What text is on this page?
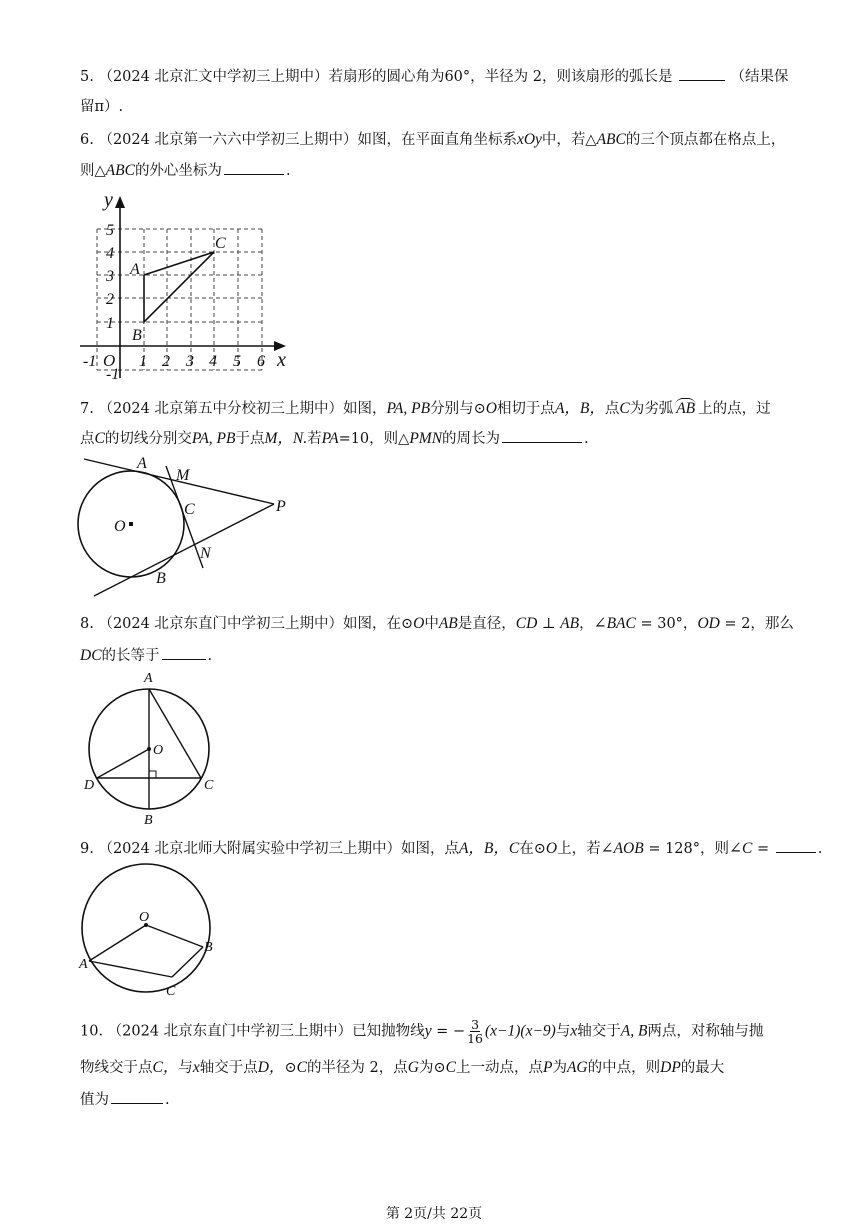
5. （2024 北京汇文中学初三上期中）若扇形的圆心角为60°，半径为 2，则该扇形的弧长是	（结果保
留π）.
6. （2024 北京第一六六中学初三上期中）如图，在平面直角坐标系xOy中，若△ABC的三个顶点都在格点上，
则△ABC的外心坐标为	.
y
x
O
-1	1 2 3 4 5 6
1
2
3
4
5
-1
A
B
C
7. （2024 北京第五中分校初三上期中）如图，PA, PB分别与⊙O相切于点A，B，点C为劣弧 AB 上的点，过
点C的切线分别交PA, PB于点M，N.若PA=10，则△PMN的周长为	.
A
M
C	P
O
N
B
8. （2024 北京东直门中学初三上期中）如图，在⊙O中AB是直径，CD ⊥ AB，∠BAC = 30°，OD = 2，那么
DC的长等于	.
A
O
D	C
B
9. （2024 北京北师大附属实验中学初三上期中）如图，点A，B，C在⊙O上，若∠AOB = 128°，则∠C =	.
O
A
B
C
10. （2024 北京东直门中学初三上期中）已知抛物线y = − $\frac{3}{16} (x-1)(x-9)$与x轴交于A, B两点，对称轴与抛
物线交于点C，与x轴交于点D，⊙C的半径为 2，点G为⊙C上一动点，点P为AG的中点，则DP的最大
值为	.
第 2页/共 22页
